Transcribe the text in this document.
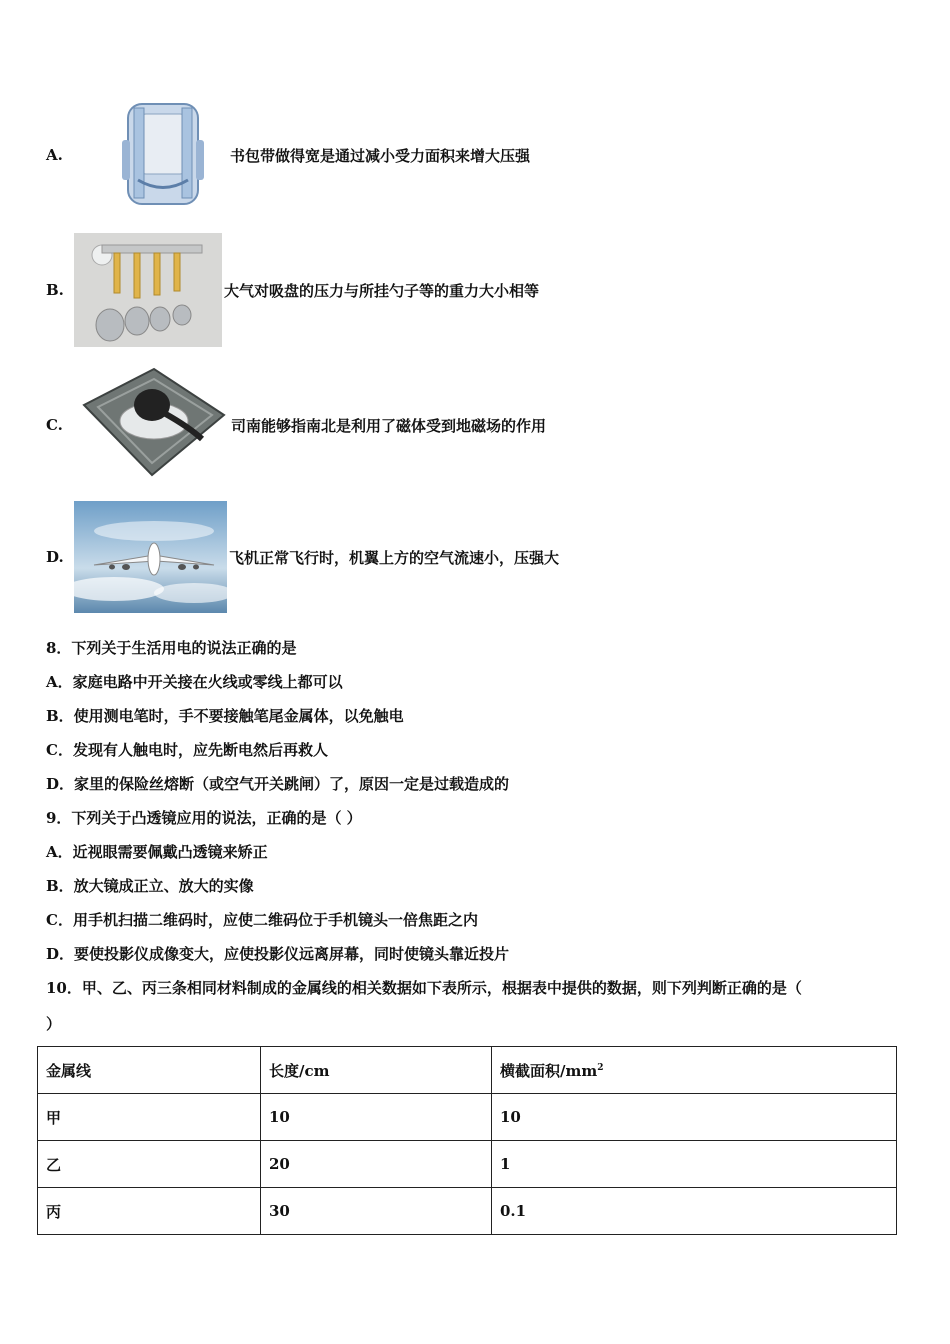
A.	书包带做得宽是通过减小受力面积来增大压强
B.	大气对吸盘的压力与所挂勺子等的重力大小相等
C.	司南能够指南北是利用了磁体受到地磁场的作用
D.	飞机正常飞行时，机翼上方的空气流速小，压强大
8．下列关于生活用电的说法正确的是
A．家庭电路中开关接在火线或零线上都可以
B．使用测电笔时，手不要接触笔尾金属体，以免触电
C．发现有人触电时，应先断电然后再救人
D．家里的保险丝熔断（或空气开关跳闸）了，原因一定是过载造成的
9．下列关于凸透镜应用的说法，正确的是（ ）
A．近视眼需要佩戴凸透镜来矫正
B．放大镜成正立、放大的实像
C．用手机扫描二维码时，应使二维码位于手机镜头一倍焦距之内
D．要使投影仪成像变大，应使投影仪远离屏幕，同时使镜头靠近投片
10．甲、乙、丙三条相同材料制成的金属线的相关数据如下表所示，根据表中提供的数据，则下列判断正确的是（
）
金属线	长度/cm	横截面积$/mm^2$
甲	10	10
乙	20	1
丙	30	0.1
